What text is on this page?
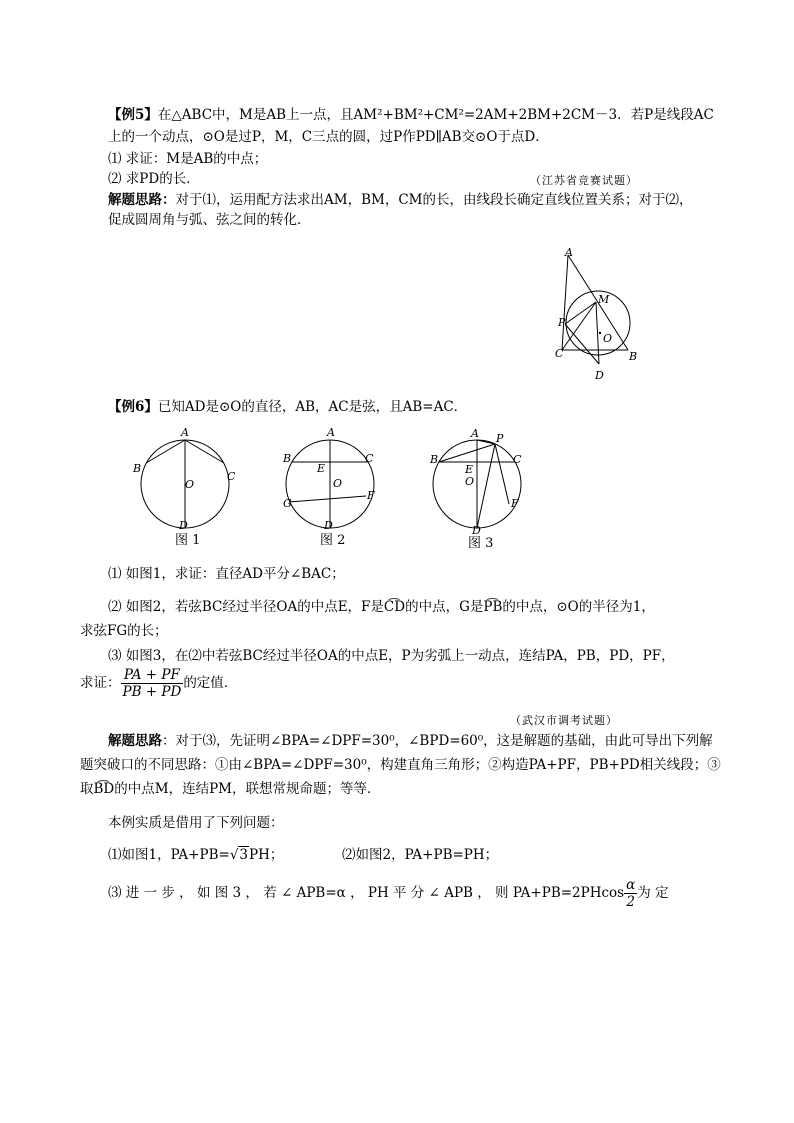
【例5】在△ABC中，M是AB上一点，且AM²+BM²+CM²=2AM+2BM+2CM－3．若P是线段AC
上的一个动点，⊙O是过P，M，C三点的圆，过P作PD∥AB交⊙O于点D．
⑴ 求证：M是AB的中点；
⑵ 求PD的长．	（江苏省竞赛试题）
解题思路：对于⑴，运用配方法求出AM，BM，CM的长，由线段长确定直线位置关系；对于⑵，
促成圆周角与弧、弦之间的转化．
A
M
P
O
C	B
D
【例6】已知AD是⊙O的直径，AB，AC是弦，且AB=AC．
A
B
C
O
D
图 1
A
B	C
E
O
F
G
D
图 2
A P
B	C
E
O
F
D
图 3
⑴ 如图1，求证：直径AD平分∠BAC；
⑵ 如图2，若弦BC经过半径OA的中点E，F是C͡D的中点，G是P͡B的中点，⊙O的半径为1，
求弦FG的长；
⑶ 如图3，在⑵中若弦BC经过半径OA的中点E，P为劣弧上一动点，连结PA，PB，PD，PF，
求证： $\frac{PA + PF}{PB + PD}$ 的定值．
（武汉市调考试题）
解题思路：对于⑶，先证明∠BPA=∠DPF=30⁰，∠BPD=60⁰，这是解题的基础，由此可导出下列解
题突破口的不同思路：①由∠BPA=∠DPF=30⁰，构建直角三角形；②构造PA+PF，PB+PD相关线段；③
取B͡D的中点M，连结PM，联想常规命题；等等．
本例实质是借用了下列问题：
⑴如图1，PA+PB=√3PH；	⑵如图2，PA+PB=PH；
⑶ 进 一 步 ， 如 图 3 ， 若 ∠ APB=α ， PH 平 分 ∠ APB ， 则 $PA+PB=2PHcos \frac{\alpha}{2}$ 为 定
